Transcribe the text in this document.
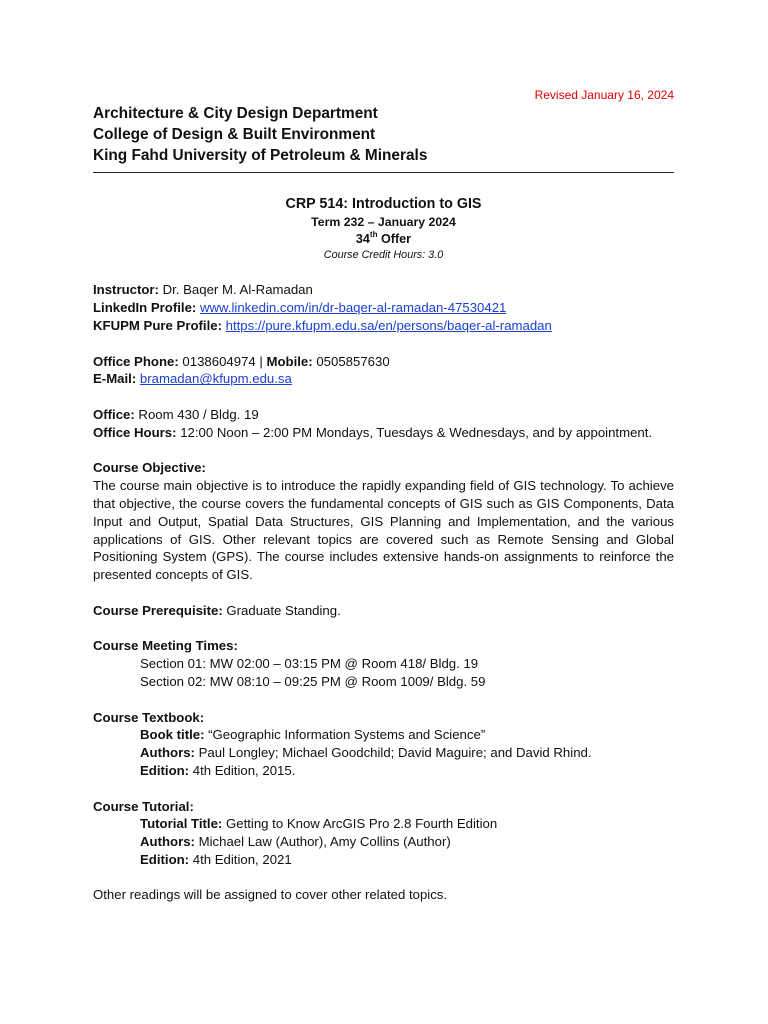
Revised January 16, 2024
Architecture & City Design Department
College of Design & Built Environment
King Fahd University of Petroleum & Minerals
CRP 514: Introduction to GIS
Term 232 – January 2024
34th Offer
Course Credit Hours: 3.0
Instructor: Dr. Baqer M. Al-Ramadan
LinkedIn Profile: www.linkedin.com/in/dr-baqer-al-ramadan-47530421
KFUPM Pure Profile: https://pure.kfupm.edu.sa/en/persons/baqer-al-ramadan
Office Phone: 0138604974 | Mobile: 0505857630
E-Mail: bramadan@kfupm.edu.sa
Office: Room 430 / Bldg. 19
Office Hours: 12:00 Noon – 2:00 PM Mondays, Tuesdays & Wednesdays, and by appointment.
Course Objective:
The course main objective is to introduce the rapidly expanding field of GIS technology. To achieve that objective, the course covers the fundamental concepts of GIS such as GIS Components, Data Input and Output, Spatial Data Structures, GIS Planning and Implementation, and the various applications of GIS. Other relevant topics are covered such as Remote Sensing and Global Positioning System (GPS). The course includes extensive hands-on assignments to reinforce the presented concepts of GIS.
Course Prerequisite: Graduate Standing.
Course Meeting Times:
Section 01: MW 02:00 – 03:15 PM @ Room 418/ Bldg. 19
Section 02: MW 08:10 – 09:25 PM @ Room 1009/ Bldg. 59
Course Textbook:
Book title: “Geographic Information Systems and Science”
Authors: Paul Longley; Michael Goodchild; David Maguire; and David Rhind.
Edition: 4th Edition, 2015.
Course Tutorial:
Tutorial Title: Getting to Know ArcGIS Pro 2.8 Fourth Edition
Authors: Michael Law (Author), Amy Collins (Author)
Edition: 4th Edition, 2021
Other readings will be assigned to cover other related topics.
